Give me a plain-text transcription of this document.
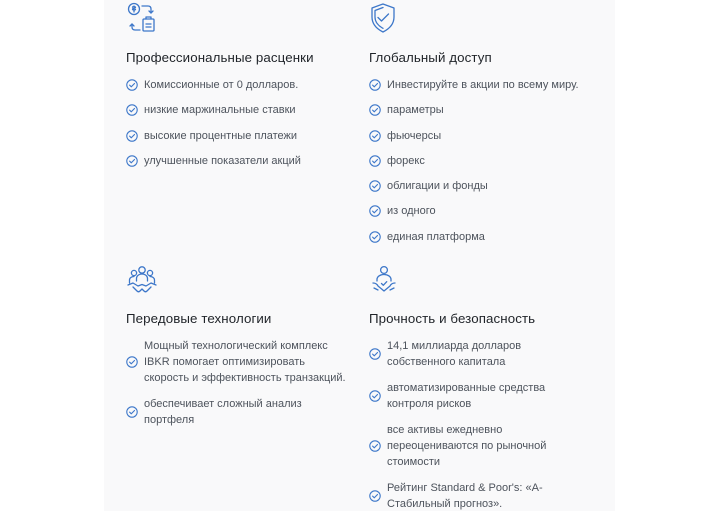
Профессиональные расценки
Комиссионные от 0 долларов.
низкие маржинальные ставки
высокие процентные платежи
улучшенные показатели акций
Глобальный доступ
Инвестируйте в акции по всему миру.
параметры
фьючерсы
форекс
облигации и фонды
из одного
единая платформа
Передовые технологии
Мощный технологический комплекс IBKR помогает оптимизировать скорость и эффективность транзакций.
обеспечивает сложный анализ портфеля
Прочность и безопасность
14,1 миллиарда долларов собственного капитала
автоматизированные средства контроля рисков
все активы ежедневно переоцениваются по рыночной стоимости
Рейтинг Standard & Poor's: «A-Стабильный прогноз».
